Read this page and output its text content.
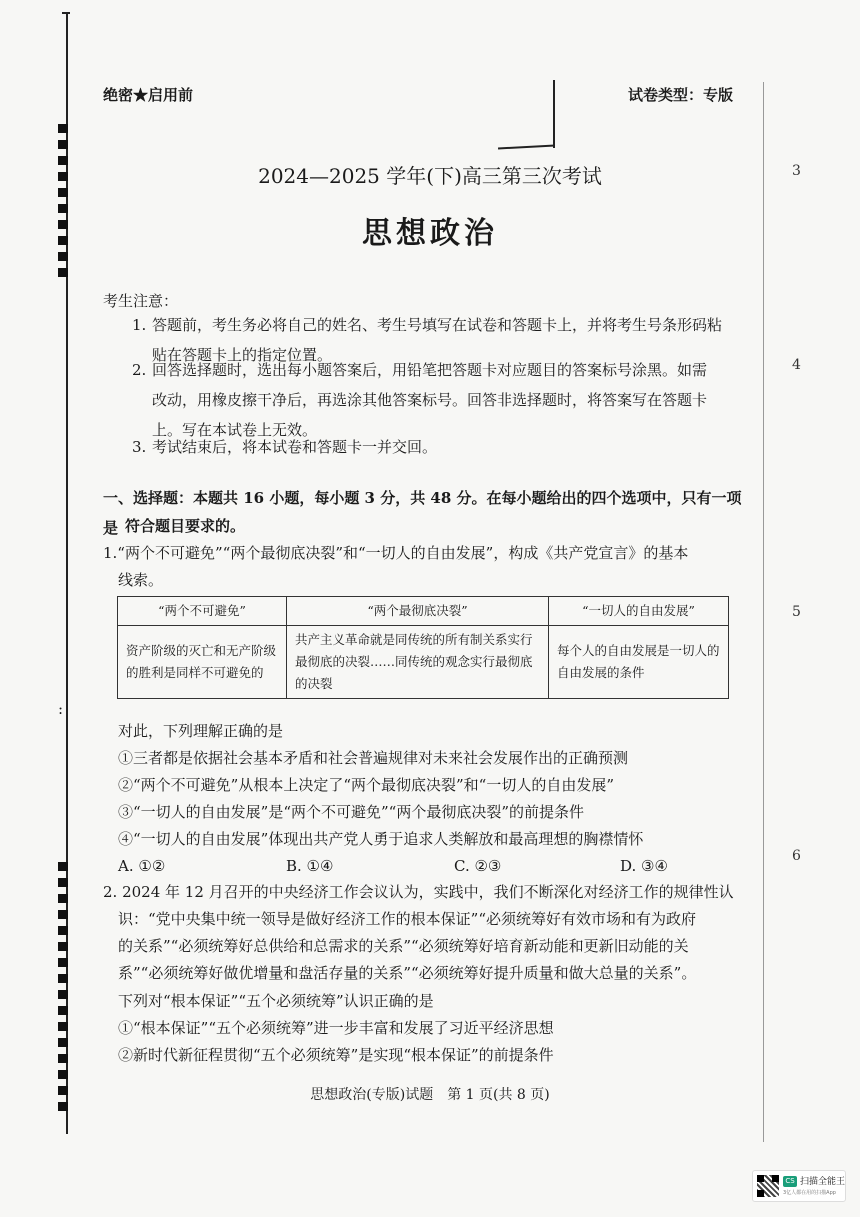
:
3
4
5
6
绝密★启用前	试卷类型：专版
2024—2025 学年(下)高三第三次考试
思想政治
考生注意：
1. 答题前，考生务必将自己的姓名、考生号填写在试卷和答题卡上，并将考生号条形码粘
贴在答题卡上的指定位置。
2. 回答选择题时，选出每小题答案后，用铅笔把答题卡对应题目的答案标号涂黑。如需
改动，用橡皮擦干净后，再选涂其他答案标号。回答非选择题时，将答案写在答题卡
上。写在本试卷上无效。
3. 考试结束后，将本试卷和答题卡一并交回。
一、选择题：本题共 16 小题，每小题 3 分，共 48 分。在每小题给出的四个选项中，只有一项是 符合题目要求的。
1.“两个不可避免”“两个最彻底决裂”和“一切人的自由发展”，构成《共产党宣言》的基本
线索。
“两个不可避免”	“两个最彻底决裂”	“一切人的自由发展”
资产阶级的灭亡和无产阶级的胜利是同样不可避免的	共产主义革命就是同传统的所有制关系实行最彻底的决裂……同传统的观念实行最彻底的决裂	每个人的自由发展是一切人的自由发展的条件
对此，下列理解正确的是
①三者都是依据社会基本矛盾和社会普遍规律对未来社会发展作出的正确预测
②“两个不可避免”从根本上决定了“两个最彻底决裂”和“一切人的自由发展”
③“一切人的自由发展”是“两个不可避免”“两个最彻底决裂”的前提条件
④“一切人的自由发展”体现出共产党人勇于追求人类解放和最高理想的胸襟情怀
A. ①②	B. ①④	C. ②③	D. ③④
2. 2024 年 12 月召开的中央经济工作会议认为，实践中，我们不断深化对经济工作的规律性认
识：“党中央集中统一领导是做好经济工作的根本保证”“必须统筹好有效市场和有为政府
的关系”“必须统筹好总供给和总需求的关系”“必须统筹好培育新动能和更新旧动能的关
系”“必须统筹好做优增量和盘活存量的关系”“必须统筹好提升质量和做大总量的关系”。
下列对“根本保证”“五个必须统筹”认识正确的是
①“根本保证”“五个必须统筹”进一步丰富和发展了习近平经济思想
②新时代新征程贯彻“五个必须统筹”是实现“根本保证”的前提条件
思想政治(专版)试题　第 1 页(共 8 页)
CS 扫描全能王
3亿人都在用的扫描App
